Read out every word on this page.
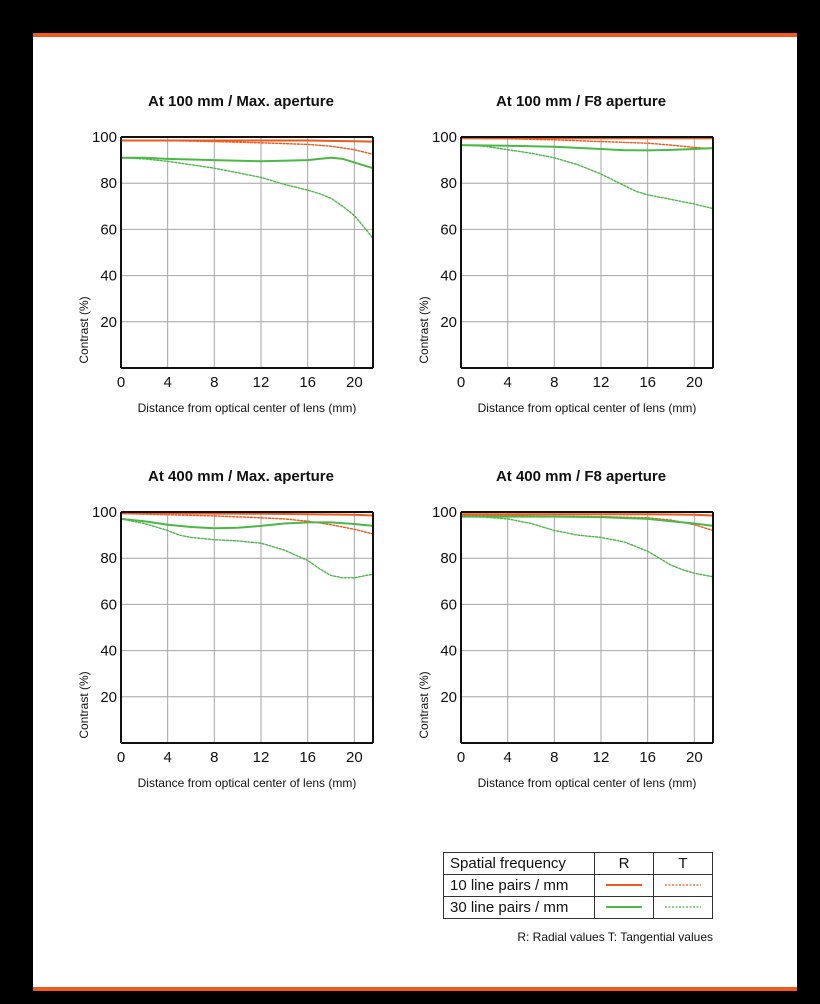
At 100 mm / Max. aperture
0	4	8 12 16 20
20
40
60
80
100
Distance from optical center of lens (mm)
Contrast (%)
At 100 mm / F8 aperture
0	4	8 12 16 20
20
40
60
80
100
Distance from optical center of lens (mm)
Contrast (%)
At 400 mm / Max. aperture
0	4	8 12 16 20
20
40
60
80
100
Distance from optical center of lens (mm)
Contrast (%)
At 400 mm / F8 aperture
0	4	8 12 16 20
20
40
60
80
100
Distance from optical center of lens (mm)
Contrast (%)
Spatial frequency	R	T
10 line pairs / mm		
30 line pairs / mm		
R: Radial values T: Tangential values
